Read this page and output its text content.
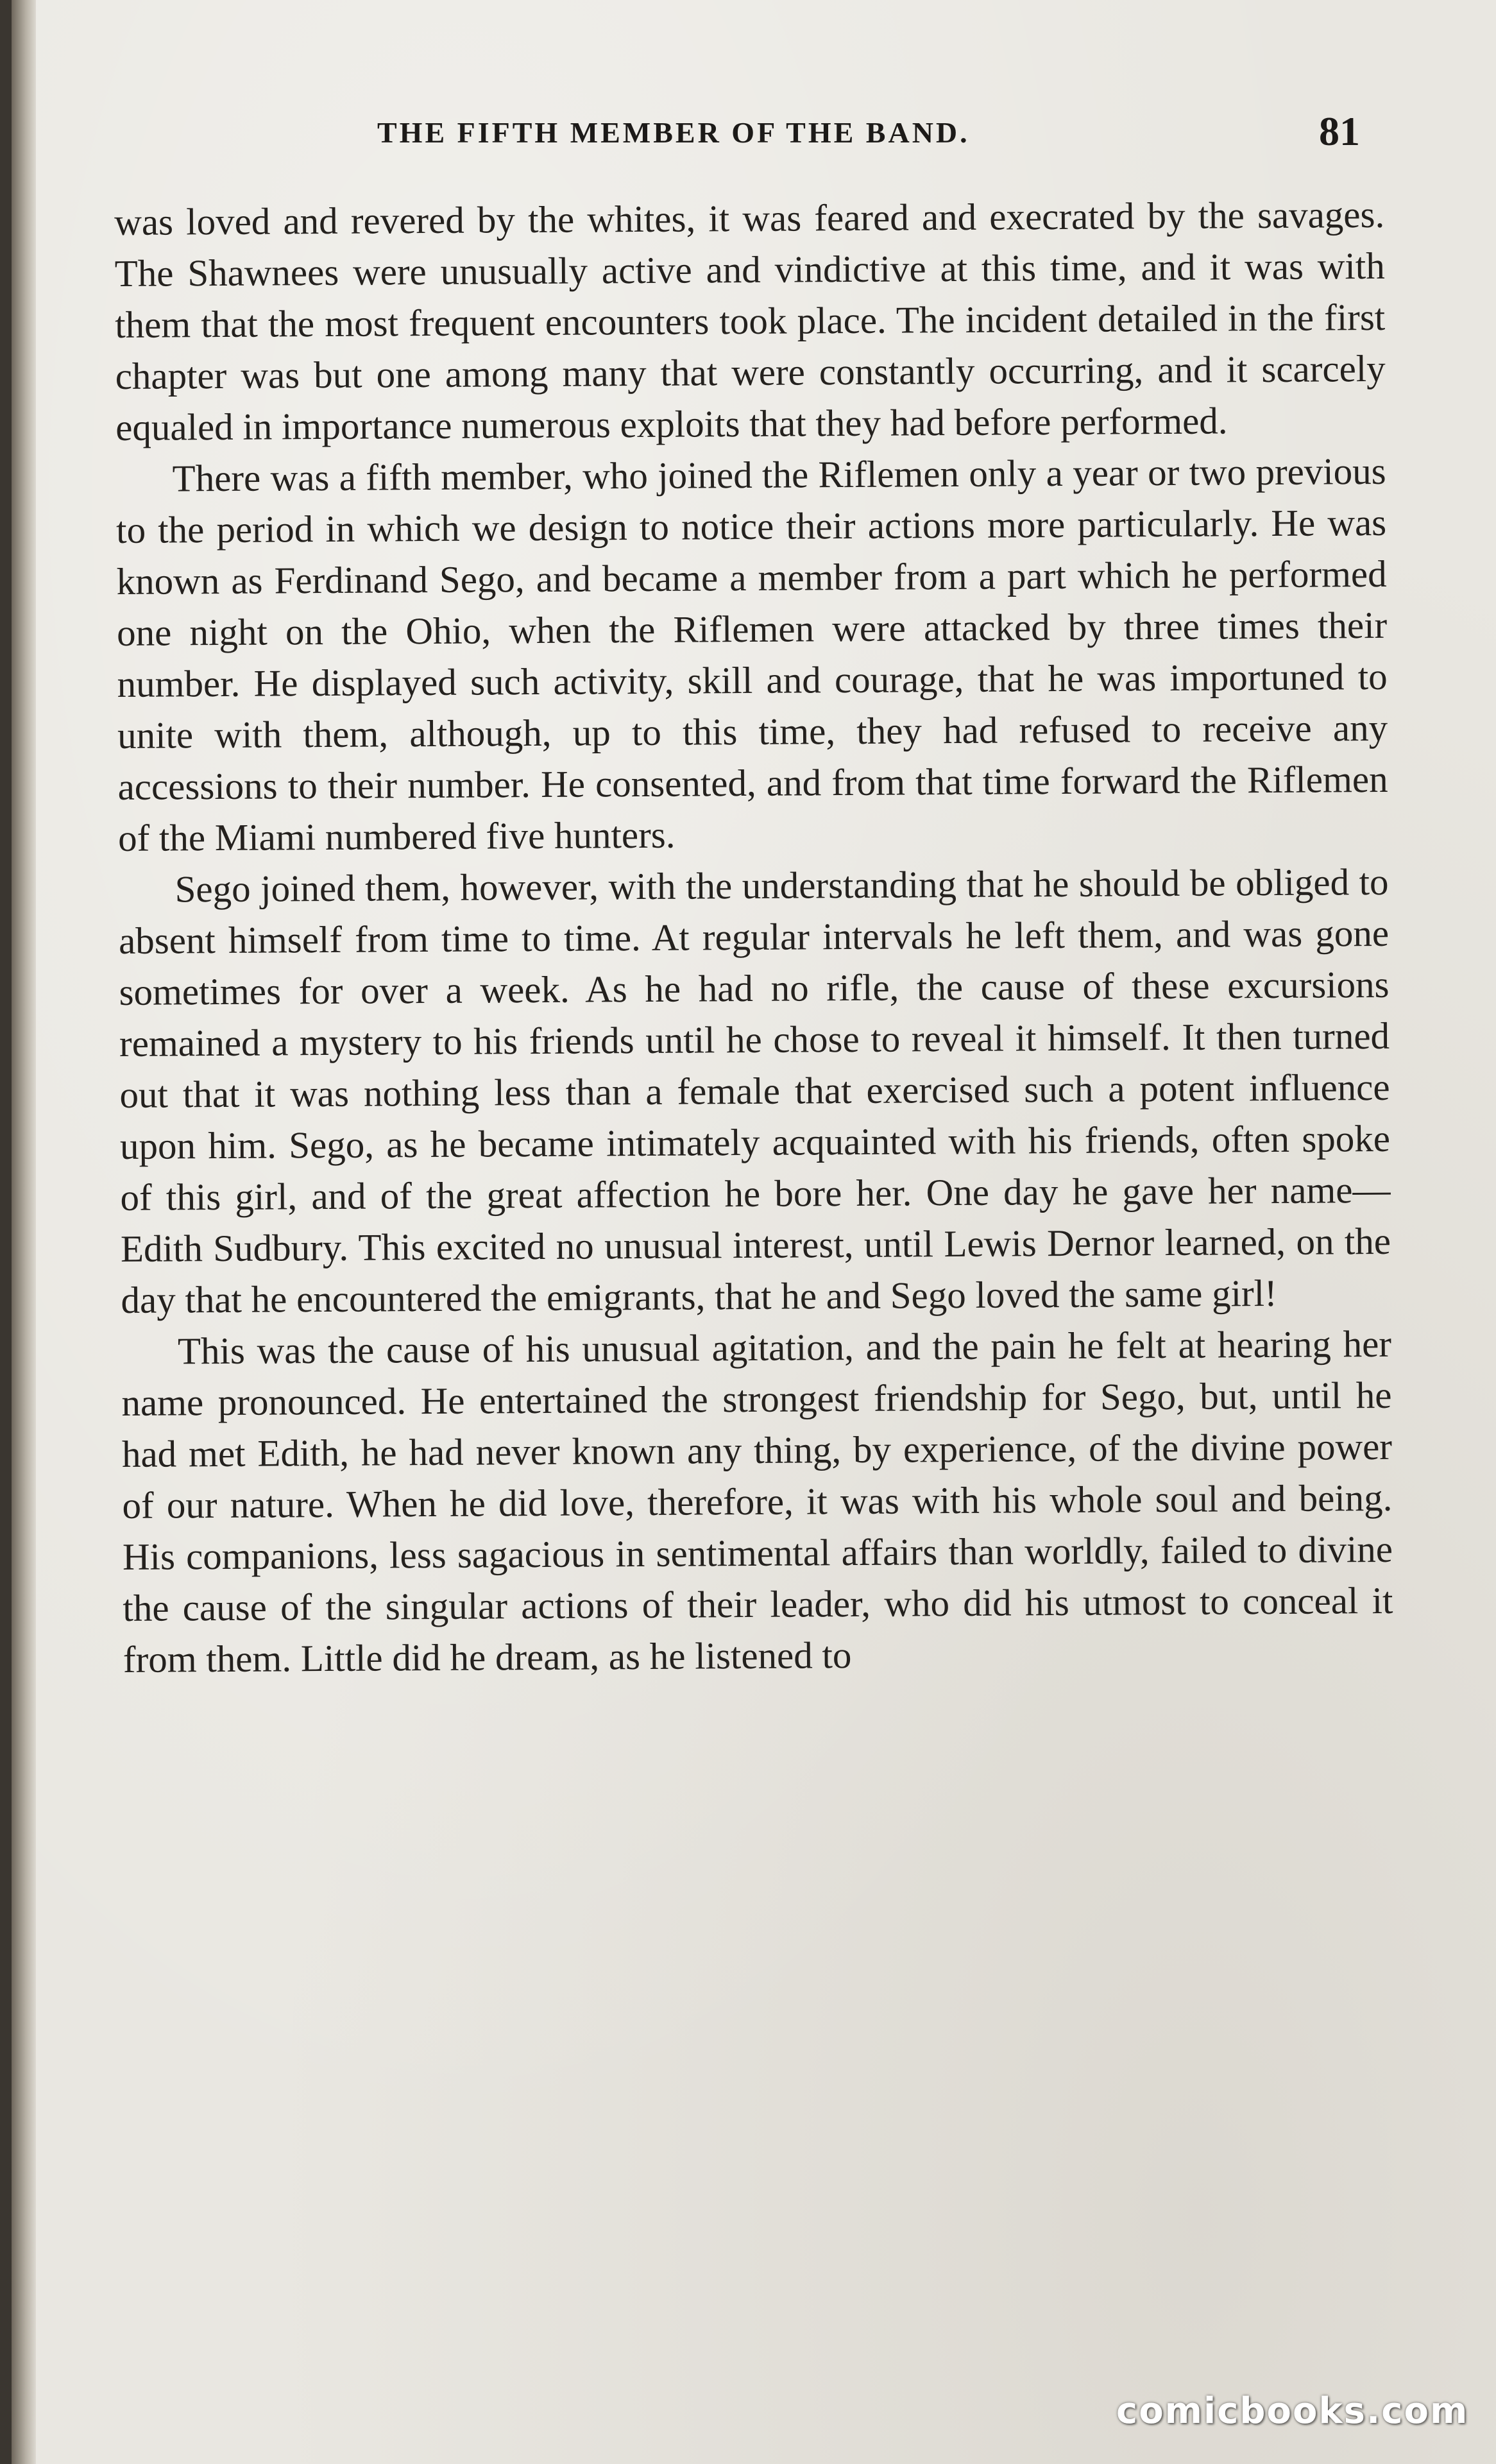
THE FIFTH MEMBER OF THE BAND.	81

was loved and revered by the whites, it was feared and execrated by the savages. The Shawnees were unusually active and vindictive at this time, and it was with them that the most frequent encounters took place. The incident detailed in the first chapter was but one among many that were constantly occurring, and it scarcely equaled in importance numerous exploits that they had before performed.

There was a fifth member, who joined the Riflemen only a year or two previous to the period in which we design to notice their actions more particularly. He was known as Ferdinand Sego, and became a member from a part which he performed one night on the Ohio, when the Riflemen were attacked by three times their number. He displayed such activity, skill and courage, that he was importuned to unite with them, although, up to this time, they had refused to receive any accessions to their number. He consented, and from that time forward the Riflemen of the Miami numbered five hunters.

Sego joined them, however, with the understanding that he should be obliged to absent himself from time to time. At regular intervals he left them, and was gone sometimes for over a week. As he had no rifle, the cause of these excursions remained a mystery to his friends until he chose to reveal it himself. It then turned out that it was nothing less than a female that exercised such a potent influence upon him. Sego, as he became intimately acquainted with his friends, often spoke of this girl, and of the great affection he bore her. One day he gave her name—Edith Sudbury. This excited no unusual interest, until Lewis Dernor learned, on the day that he encountered the emigrants, that he and Sego loved the same girl!

This was the cause of his unusual agitation, and the pain he felt at hearing her name pronounced. He entertained the strongest friendship for Sego, but, until he had met Edith, he had never known any thing, by experience, of the divine power of our nature. When he did love, therefore, it was with his whole soul and being. His companions, less sagacious in sentimental affairs than worldly, failed to divine the cause of the singular actions of their leader, who did his utmost to conceal it from them. Little did he dream, as he listened to

comicbooks.com
